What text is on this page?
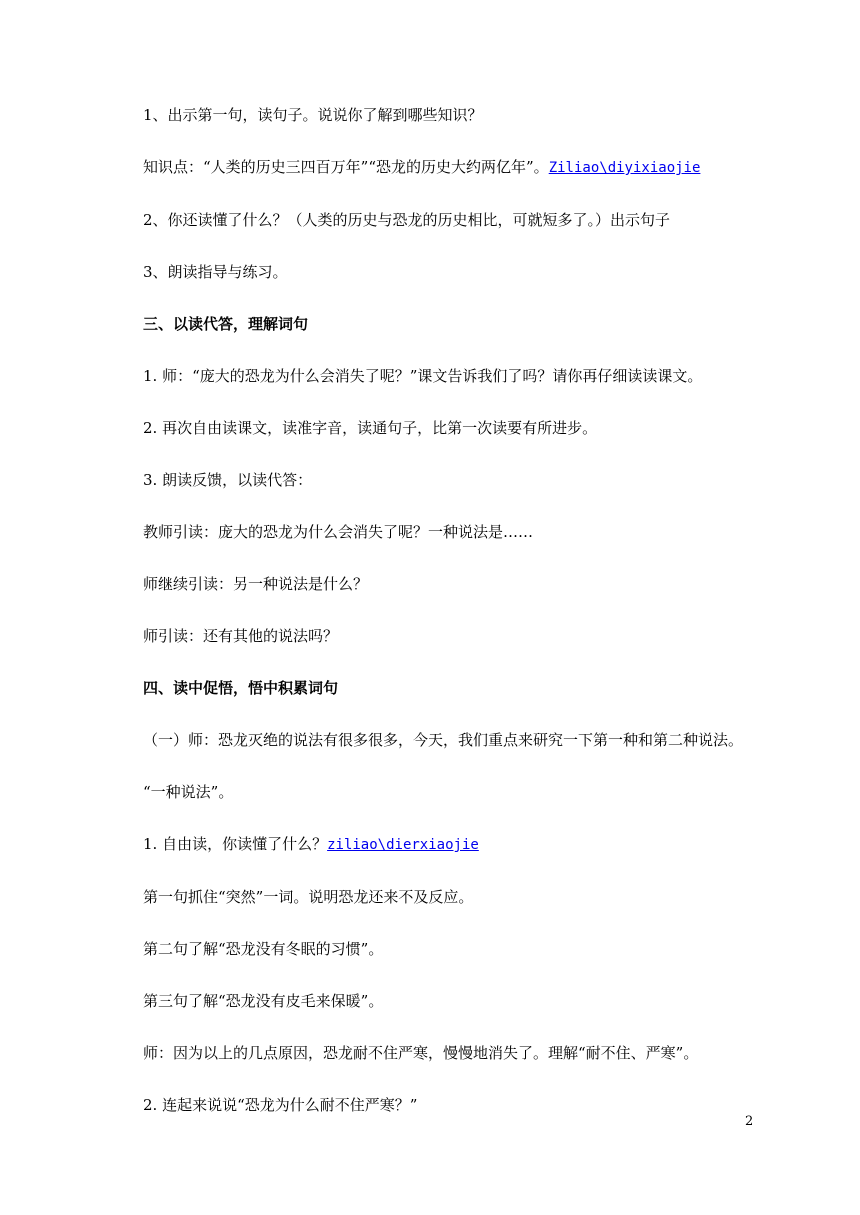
1、出示第一句，读句子。说说你了解到哪些知识？

知识点：“人类的历史三四百万年”“恐龙的历史大约两亿年”。Ziliao\diyixiaojie

2、你还读懂了什么？（人类的历史与恐龙的历史相比，可就短多了。）出示句子

3、朗读指导与练习。

三、以读代答，理解词句

1. 师：“庞大的恐龙为什么会消失了呢？”课文告诉我们了吗？请你再仔细读读课文。

2. 再次自由读课文，读准字音，读通句子，比第一次读要有所进步。

3. 朗读反馈，以读代答：

教师引读：庞大的恐龙为什么会消失了呢？一种说法是……

师继续引读：另一种说法是什么？

师引读：还有其他的说法吗？

四、读中促悟，悟中积累词句

（一）师：恐龙灭绝的说法有很多很多，今天，我们重点来研究一下第一种和第二种说法。

“一种说法”。

1. 自由读，你读懂了什么？ziliao\dierxiaojie

第一句抓住“突然”一词。说明恐龙还来不及反应。

第二句了解“恐龙没有冬眠的习惯”。

第三句了解“恐龙没有皮毛来保暖”。

师：因为以上的几点原因，恐龙耐不住严寒，慢慢地消失了。理解“耐不住、严寒”。

2. 连起来说说“恐龙为什么耐不住严寒？”

2
